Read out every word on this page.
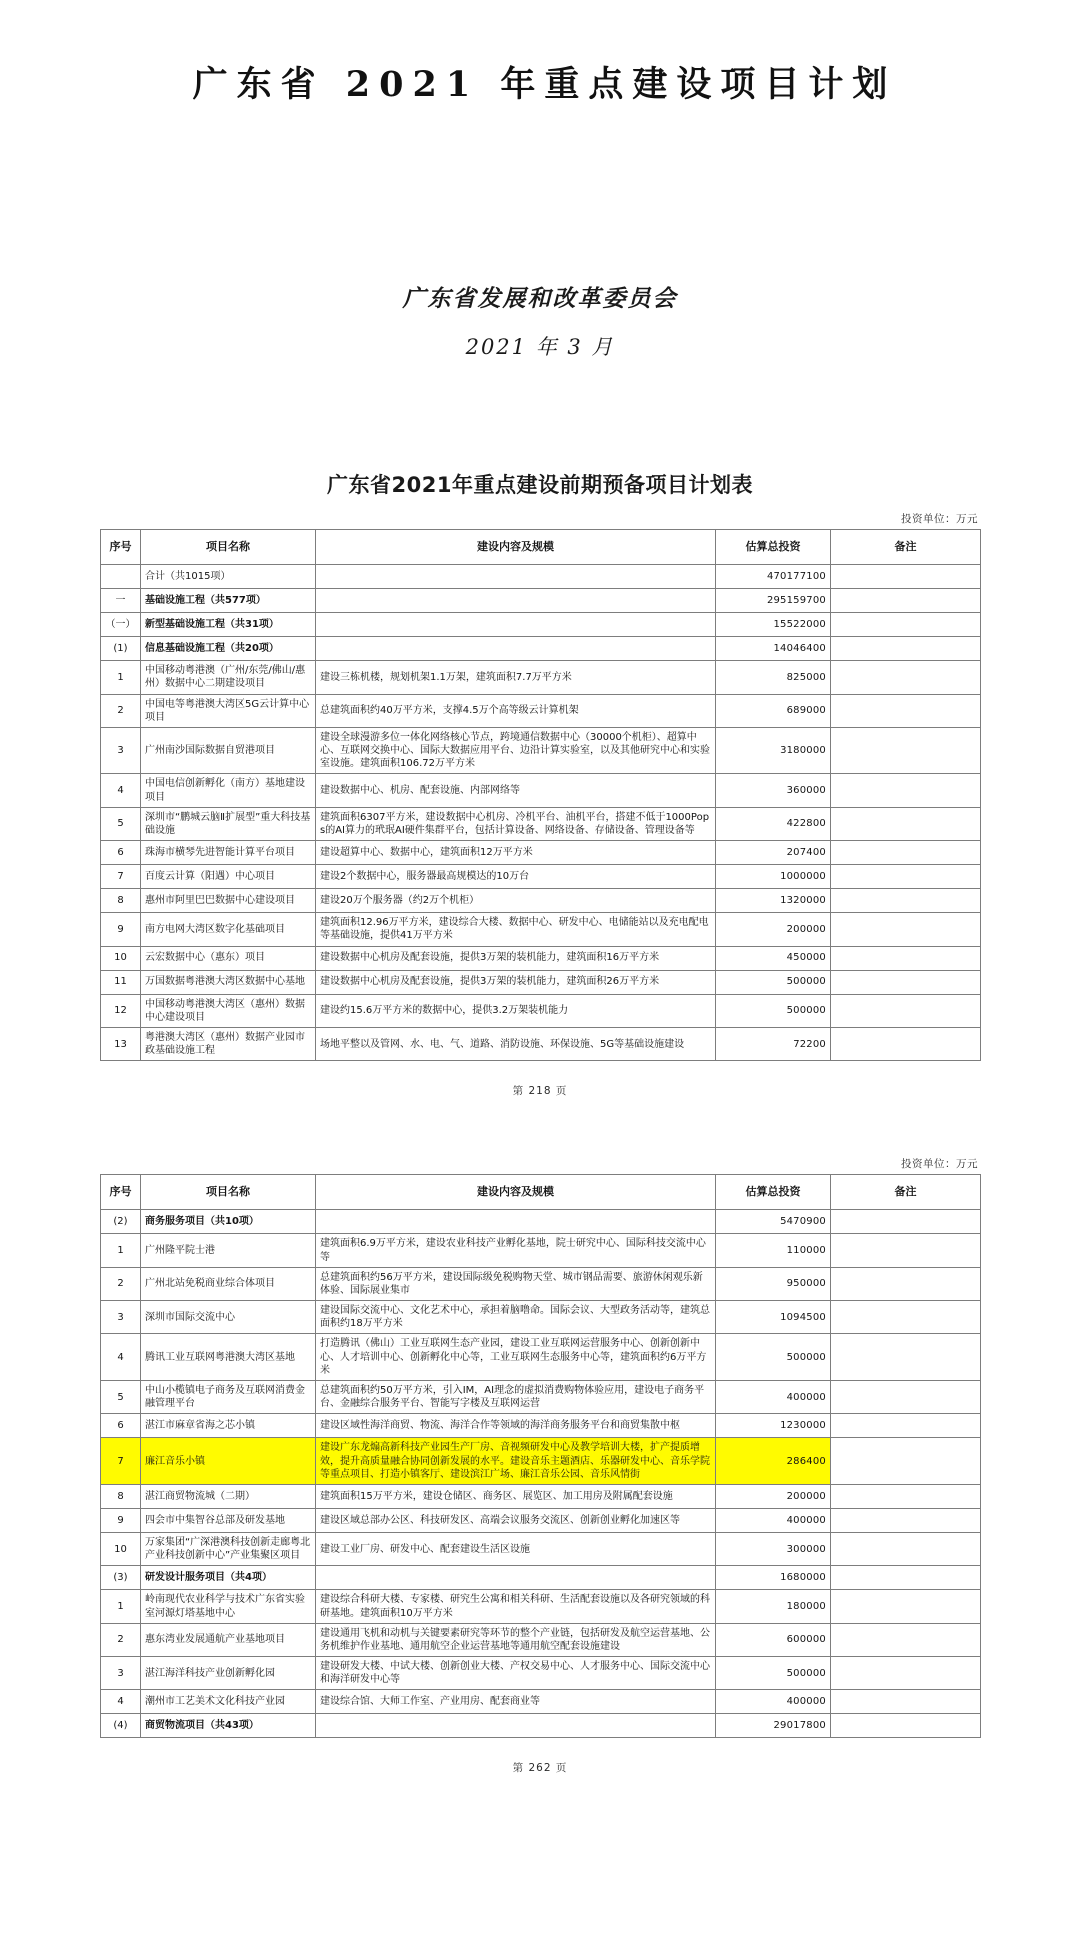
广东省 2021 年重点建设项目计划
广东省发展和改革委员会
2021 年 3 月
广东省2021年重点建设前期预备项目计划表
投资单位：万元
序号	项目名称	建设内容及规模	估算总投资	备注
	合计（共1015项）		470177100	
一	基础设施工程（共577项）		295159700	
（一）	新型基础设施工程（共31项）		15522000	
(1)	信息基础设施工程（共20项）		14046400	
1	中国移动粤港澳（广州/东莞/佛山/惠州）数据中心二期建设项目	建设三栋机楼，规划机架1.1万架，建筑面积7.7万平方米	825000	
2	中国电等粤港澳大湾区5G云计算中心项目	总建筑面积约40万平方米，支撑4.5万个高等级云计算机架	689000	
3	广州南沙国际数据自贸港项目	建设全球漫游多位一体化网络核心节点，跨境通信数据中心（30000个机柜）、超算中心、互联网交换中心、国际大数据应用平台、边沿计算实验室，以及其他研究中心和实验室设施。建筑面积106.72万平方米	3180000	
4	中国电信创新孵化（南方）基地建设项目	建设数据中心、机房、配套设施、内部网络等	360000	
5	深圳市“鹏城云脑Ⅱ扩展型”重大科技基础设施	建筑面积6307平方米，建设数据中心机房、冷机平台、油机平台，搭建不低于1000Pops的AI算力的玳珉AI硬件集群平台，包括计算设备、网络设备、存储设备、管理设备等	422800	
6	珠海市横琴先进智能计算平台项目	建设超算中心、数据中心，建筑面积12万平方米	207400	
7	百度云计算（阳遇）中心项目	建设2个数据中心，服务器最高规模达的10万台	1000000	
8	惠州市阿里巴巴数据中心建设项目	建设20万个服务器（约2万个机柜）	1320000	
9	南方电网大湾区数字化基础项目	建筑面积12.96万平方米，建设综合大楼、数据中心、研发中心、电储能站以及充电配电等基础设施，提供41万平方米	200000	
10	云宏数据中心（惠东）项目	建设数据中心机房及配套设施，提供3万架的装机能力，建筑面积16万平方米	450000	
11	万国数据粤港澳大湾区数据中心基地	建设数据中心机房及配套设施，提供3万架的装机能力，建筑面积26万平方米	500000	
12	中国移动粤港澳大湾区（惠州）数据中心建设项目	建设约15.6万平方米的数据中心，提供3.2万架装机能力	500000	
13	粤港澳大湾区（惠州）数据产业园市政基础设施工程	场地平整以及管网、水、电、气、道路、消防设施、环保设施、5G等基础设施建设	72200	
第 218 页
投资单位：万元
序号	项目名称	建设内容及规模	估算总投资	备注
(2)	商务服务项目（共10项）		5470900	
1	广州隆平院士港	建筑面积6.9万平方米，建设农业科技产业孵化基地，院士研究中心、国际科技交流中心等	110000	
2	广州北站免税商业综合体项目	总建筑面积约56万平方米，建设国际级免税购物天堂、城市钢品需要、旅游休闲观乐新体验、国际展业集市	950000	
3	深圳市国际交流中心	建设国际交流中心、文化艺术中心，承担着脑噜命。国际会议、大型政务活动等，建筑总面积约18万平方米	1094500	
4	腾讯工业互联网粤港澳大湾区基地	打造腾讯（佛山）工业互联网生态产业园，建设工业互联网运营服务中心、创新创新中心、人才培训中心、创新孵化中心等，工业互联网生态服务中心等，建筑面积约6万平方米	500000	
5	中山小榄镇电子商务及互联网消费金融管理平台	总建筑面积约50万平方米，引入IM，AI理念的虚拟消费购物体验应用，建设电子商务平台、金融综合服务平台、智能写字楼及互联网运营	400000	
6	湛江市麻章省海之芯小镇	建设区域性海洋商贸、物流、海洋合作等领域的海洋商务服务平台和商贸集散中枢	1230000	
7	廉江音乐小镇	建设广东龙煽高新科技产业园生产厂房、音视频研发中心及教学培训大楼，扩产提质增效，提升高质量融合协同创新发展的水平。建设音乐主题酒店、乐器研发中心、音乐学院等重点项目、打造小镇客厅、建设滨江广场、廉江音乐公园、音乐风情街	286400	
8	湛江商贸物流城（二期）	建筑面积15万平方米，建设仓储区、商务区、展览区、加工用房及附属配套设施	200000	
9	四会市中集智谷总部及研发基地	建设区域总部办公区、科技研发区、高端会议服务交流区、创新创业孵化加速区等	400000	
10	万家集团“广深港澳科技创新走廊粤北产业科技创新中心”产业集聚区项目	建设工业厂房、研发中心、配套建设生活区设施	300000	
(3)	研发设计服务项目（共4项）		1680000	
1	岭南现代农业科学与技术广东省实验室河源灯塔基地中心	建设综合科研大楼、专家楼、研究生公寓和相关科研、生活配套设施以及各研究领域的科研基地。建筑面积10万平方米	180000	
2	惠东湾业发展通航产业基地项目	建设通用飞机和动机与关键要素研究等环节的整个产业链，包括研发及航空运营基地、公务机维护作业基地、通用航空企业运营基地等通用航空配套设施建设	600000	
3	湛江海洋科技产业创新孵化园	建设研发大楼、中试大楼、创新创业大楼、产权交易中心、人才服务中心、国际交流中心和海洋研发中心等	500000	
4	潮州市工艺美术文化科技产业园	建设综合馆、大师工作室、产业用房、配套商业等	400000	
(4)	商贸物流项目（共43项）		29017800	
第 262 页
